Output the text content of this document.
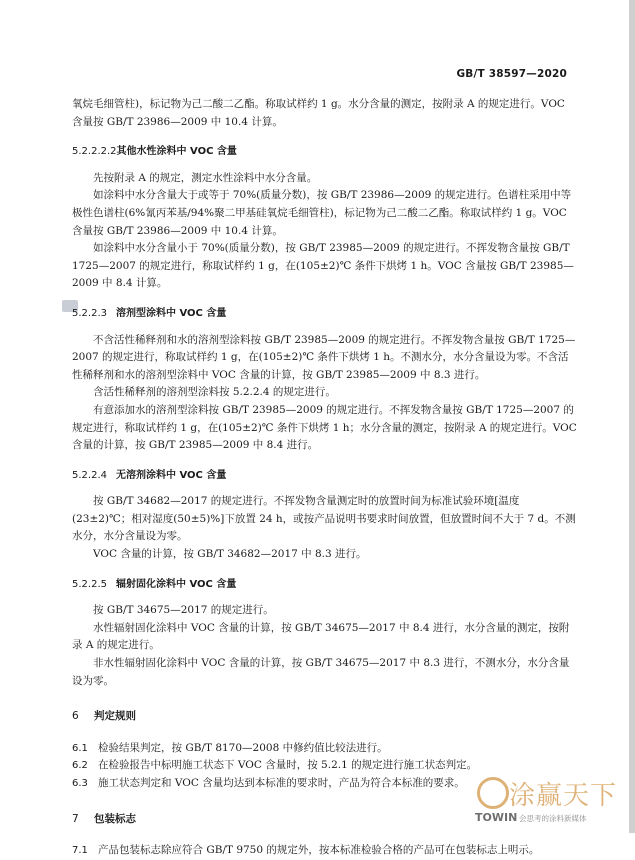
GB/T 38597—2020

氧烷毛细管柱)，标记物为己二酸二乙酯。称取试样约 1 g。水分含量的测定，按附录 A 的规定进行。VOC 含量按 GB/T 23986—2009 中 10.4 计算。

5.2.2.2.2其他水性涂料中 VOC 含量

先按附录 A 的规定，测定水性涂料中水分含量。

如涂料中水分含量大于或等于 70%(质量分数)，按 GB/T 23986—2009 的规定进行。色谱柱采用中等极性色谱柱(6%氰丙苯基/94%聚二甲基硅氧烷毛细管柱)，标记物为己二酸二乙酯。称取试样约 1 g。VOC 含量按 GB/T 23986—2009 中 10.4 计算。

如涂料中水分含量小于 70%(质量分数)，按 GB/T 23985—2009 的规定进行。不挥发物含量按 GB/T 1725—2007 的规定进行，称取试样约 1 g，在(105±2)℃ 条件下烘烤 1 h。VOC 含量按 GB/T 23985—2009 中 8.4 计算。

5.2.2.3 溶剂型涂料中 VOC 含量

不含活性稀释剂和水的溶剂型涂料按 GB/T 23985—2009 的规定进行。不挥发物含量按 GB/T 1725—2007 的规定进行，称取试样约 1 g，在(105±2)℃ 条件下烘烤 1 h。不测水分，水分含量设为零。不含活性稀释剂和水的溶剂型涂料中 VOC 含量的计算，按 GB/T 23985—2009 中 8.3 进行。

含活性稀释剂的溶剂型涂料按 5.2.2.4 的规定进行。

有意添加水的溶剂型涂料按 GB/T 23985—2009 的规定进行。不挥发物含量按 GB/T 1725—2007 的规定进行，称取试样约 1 g，在(105±2)℃ 条件下烘烤 1 h；水分含量的测定，按附录 A 的规定进行。VOC 含量的计算，按 GB/T 23985—2009 中 8.4 进行。

5.2.2.4 无溶剂涂料中 VOC 含量

按 GB/T 34682—2017 的规定进行。不挥发物含量测定时的放置时间为标准试验环境[温度(23±2)℃；相对湿度(50±5)%]下放置 24 h，或按产品说明书要求时间放置，但放置时间不大于 7 d。不测水分，水分含量设为零。

VOC 含量的计算，按 GB/T 34682—2017 中 8.3 进行。

5.2.2.5 辐射固化涂料中 VOC 含量

按 GB/T 34675—2017 的规定进行。

水性辐射固化涂料中 VOC 含量的计算，按 GB/T 34675—2017 中 8.4 进行，水分含量的测定，按附录 A 的规定进行。

非水性辐射固化涂料中 VOC 含量的计算，按 GB/T 34675—2017 中 8.3 进行，不测水分，水分含量设为零。

6 判定规则

6.1 检验结果判定，按 GB/T 8170—2008 中修约值比较法进行。

6.2 在检验报告中标明施工状态下 VOC 含量时，按 5.2.1 的规定进行施工状态判定。

6.3 施工状态判定和 VOC 含量均达到本标准的要求时，产品为符合本标准的要求。

7 包装标志

7.1 产品包装标志除应符合 GB/T 9750 的规定外，按本标准检验合格的产品可在包装标志上明示。

涂赢天下
TOWIN 会思考的涂料新媒体
